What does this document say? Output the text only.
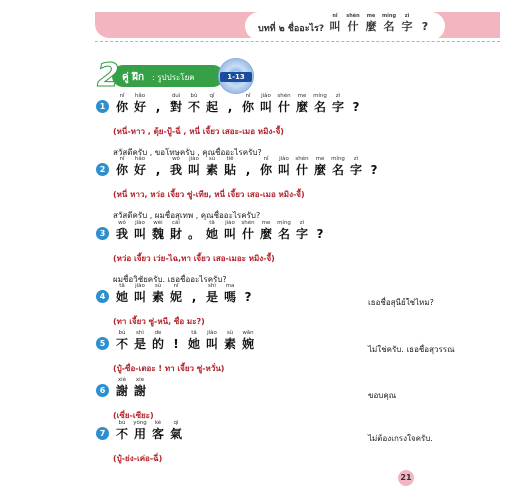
บทที่ ๒ ชื่ออะไร?
nǐ
叫
shén
什
me
麼
míng
名
zì
字 ?
2 คู่ ฝึก : รูปประโยค	1-13
1
nǐ
你
hǎo
好 ,
duì
對
bù
不
qǐ
起 ,
nǐ
你
jiào
叫
shén
什
me
麼
míng
名
zì
字 ?
(หนี่-หาว , ตุ้ย-ปู้-ฉี่ , หนี่ เจี้ยว เสอะ-เมอ หมิง-จื้)
สวัสดีครับ , ขอโทษครับ , คุณชื่ออะไรครับ?
2
nǐ
你
hǎo
好 ,
wǒ
我
jiào
叫
sù
素
tiē
貼 ,
nǐ
你
jiào
叫
shén
什
me
麼
míng
名
zì
字 ?
(หนี่ หาว, หว่อ เจี้ยว ซู่-เทีย, หนี่ เจี้ยว เสอ-เมอ หมิง-จื้)
สวัสดีครับ , ผมชื่อสุเทพ , คุณชื่ออะไรครับ?
3
wǒ
我
jiào
叫
wèi
魏
cái
財 。
tā
她
jiào
叫
shén
什
me
麼
míng
名
zì
字 ?
(หว่อ เจี้ยว เว่ย-ไฉ,ทา เจี้ยว เสอ-เมอะ หมิง-จื้)
ผมชื่อวิชัยครับ. เธอชื่ออะไรครับ?
4
tā
她
jiào
叫
sù
素
nī
妮 ,
shì
是
ma
嗎 ?
(ทา เจี้ยว ซู่-หนี, ซื่อ มะ?)
เธอชื่อสุนีย์ใช่ไหม?
5
bú
不
shì
是
de
的 !
tā
她
jiào
叫
sù
素
wǎn
婉
(ปู๋-ซื่อ-เตอะ ! ทา เจี้ยว ซู่-หวั่น)
ไม่ใช่ครับ. เธอชื่อสุวรรณ
6
xiè
謝
xie
謝
(เซี่ย-เซียะ)
ขอบคุณ
7
bú
不
yòng
用
kè
客
qì
氣
(ปู๋-ย่ง-เค่อ-ฉี่)
ไม่ต้องเกรงใจครับ.
21
